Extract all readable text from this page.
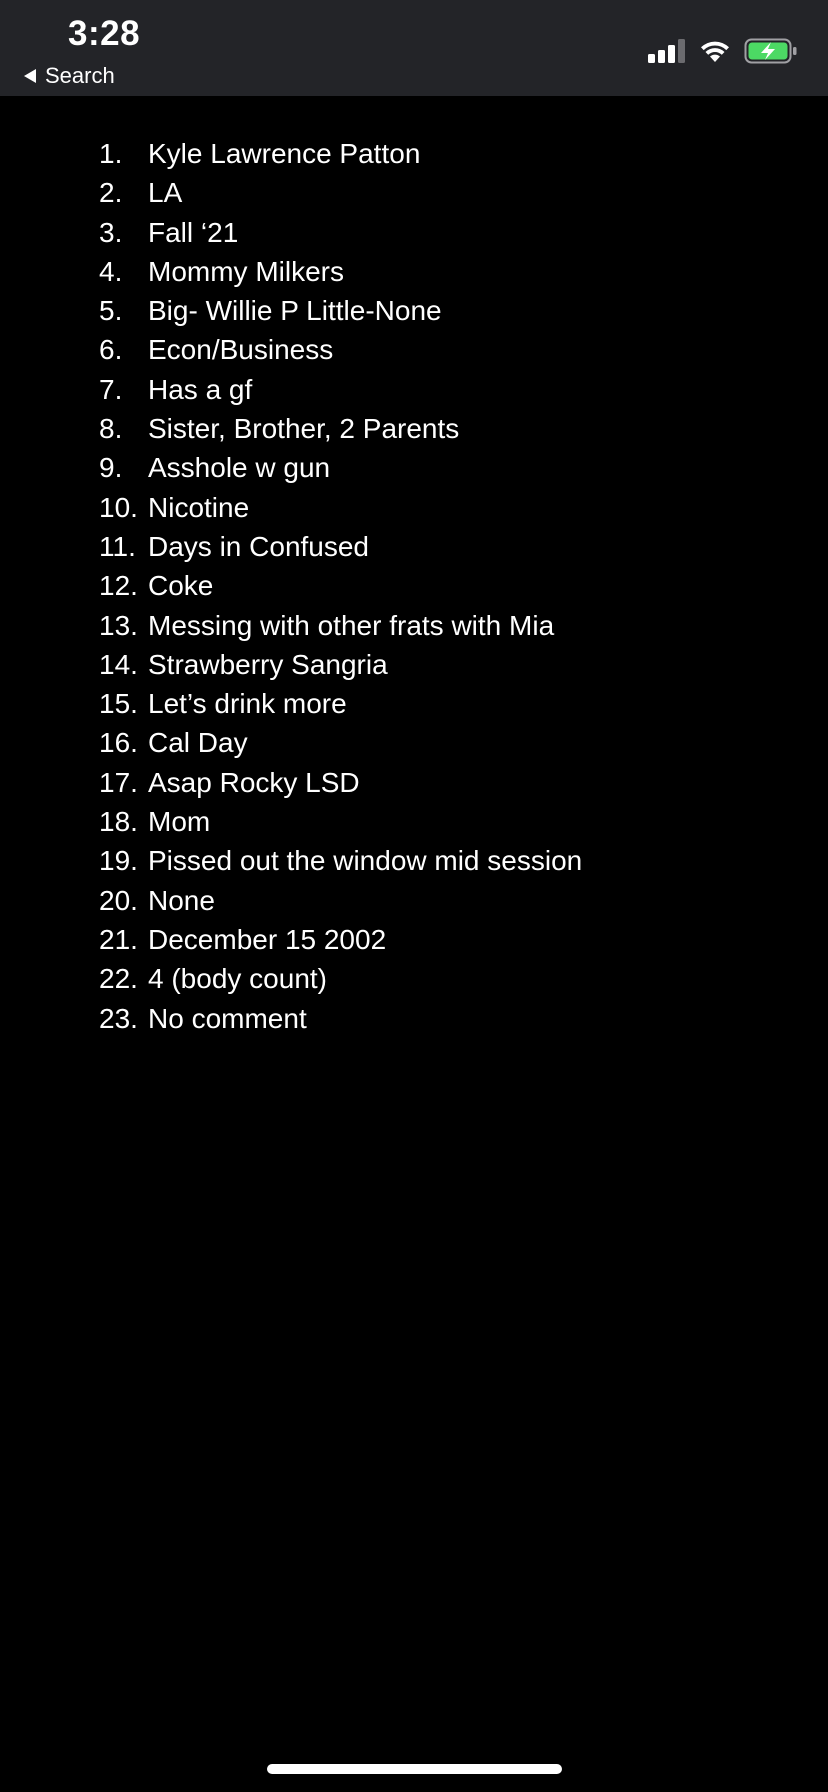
3:28
Search
1. Kyle Lawrence Patton
2. LA
3. Fall ‘21
4. Mommy Milkers
5. Big- Willie P Little-None
6. Econ/Business
7. Has a gf
8. Sister, Brother, 2 Parents
9. Asshole w gun
10. Nicotine
11. Days in Confused
12. Coke
13. Messing with other frats with Mia
14. Strawberry Sangria
15. Let’s drink more
16. Cal Day
17. Asap Rocky LSD
18. Mom
19. Pissed out the window mid session
20. None
21. December 15 2002
22. 4 (body count)
23. No comment
